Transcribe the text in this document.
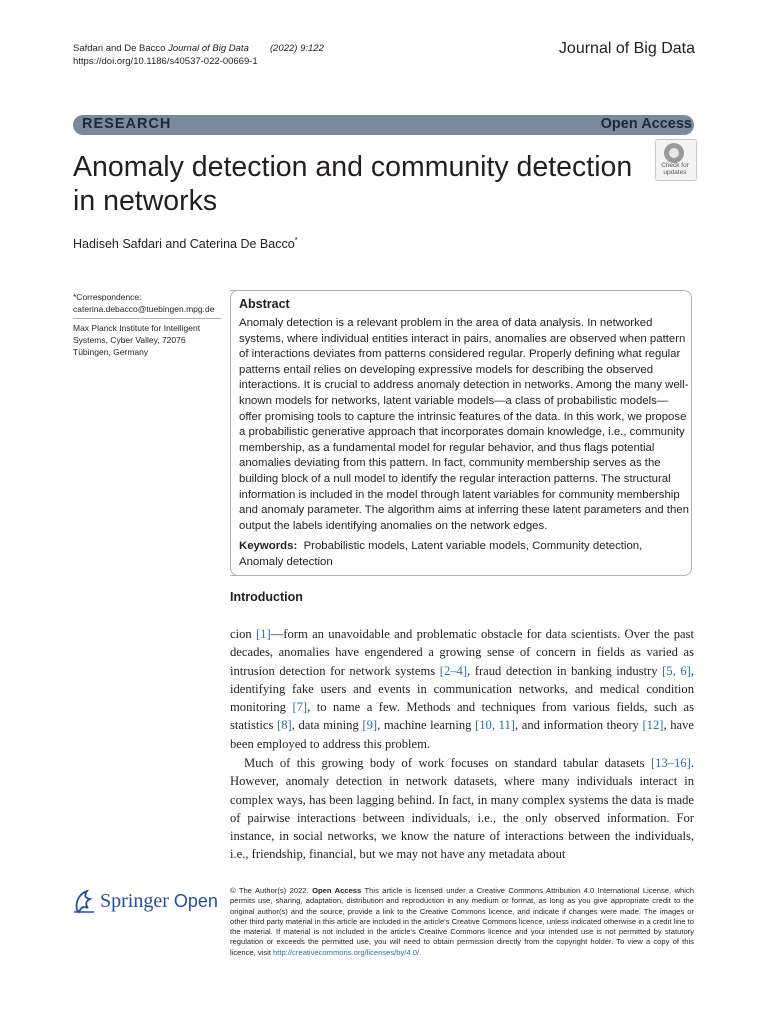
Safdari and De Bacco Journal of Big Data (2022) 9:122
https://doi.org/10.1186/s40537-022-00669-1
Journal of Big Data
RESEARCH	Open Access
Anomaly detection and community detection in networks
Check for updates
Hadiseh Safdari and Caterina De Bacco*
*Correspondence:
caterina.debacco@tuebingen.mpg.de
Max Planck Institute for Intelligent Systems, Cyber Valley, 72076 Tübingen, Germany
Abstract
Anomaly detection is a relevant problem in the area of data analysis. In networked systems, where individual entities interact in pairs, anomalies are observed when pattern of interactions deviates from patterns considered regular. Properly defining what regular patterns entail relies on developing expressive models for describing the observed interactions. It is crucial to address anomaly detection in networks. Among the many well-known models for networks, latent variable models—a class of probabilistic models—offer promising tools to capture the intrinsic features of the data. In this work, we propose a probabilistic generative approach that incorporates domain knowledge, i.e., community membership, as a fundamental model for regular behavior, and thus flags potential anomalies deviating from this pattern. In fact, community membership serves as the building block of a null model to identify the regular interaction patterns. The structural information is included in the model through latent variables for community membership and anomaly parameter. The algorithm aims at inferring these latent parameters and then output the labels identifying anomalies on the network edges.
Keywords: Probabilistic models, Latent variable models, Community detection, Anomaly detection
Introduction
cion [1]—form an unavoidable and problematic obstacle for data scientists. Over the past decades, anomalies have engendered a growing sense of concern in fields as varied as intrusion detection for network systems [2–4], fraud detection in banking industry [5, 6], identifying fake users and events in communication networks, and medical condition monitoring [7], to name a few. Methods and techniques from various fields, such as statistics [8], data mining [9], machine learning [10, 11], and information theory [12], have been employed to address this problem.
Much of this growing body of work focuses on standard tabular datasets [13–16]. However, anomaly detection in network datasets, where many individuals interact in complex ways, has been lagging behind. In fact, in many complex systems the data is made of pairwise interactions between individuals, i.e., the only observed information. For instance, in social networks, we know the nature of interactions between the individuals, i.e., friendship, financial, but we may not have any metadata about
Springer Open
© The Author(s) 2022. Open Access This article is licensed under a Creative Commons Attribution 4.0 International License, which permits use, sharing, adaptation, distribution and reproduction in any medium or format, as long as you give appropriate credit to the original author(s) and the source, provide a link to the Creative Commons licence, and indicate if changes were made. The images or other third party material in this article are included in the article's Creative Commons licence, unless indicated otherwise in a credit line to the material. If material is not included in the article's Creative Commons licence and your intended use is not permitted by statutory regulation or exceeds the permitted use, you will need to obtain permission directly from the copyright holder. To view a copy of this licence, visit http://creativecommons.org/licenses/by/4.0/.
